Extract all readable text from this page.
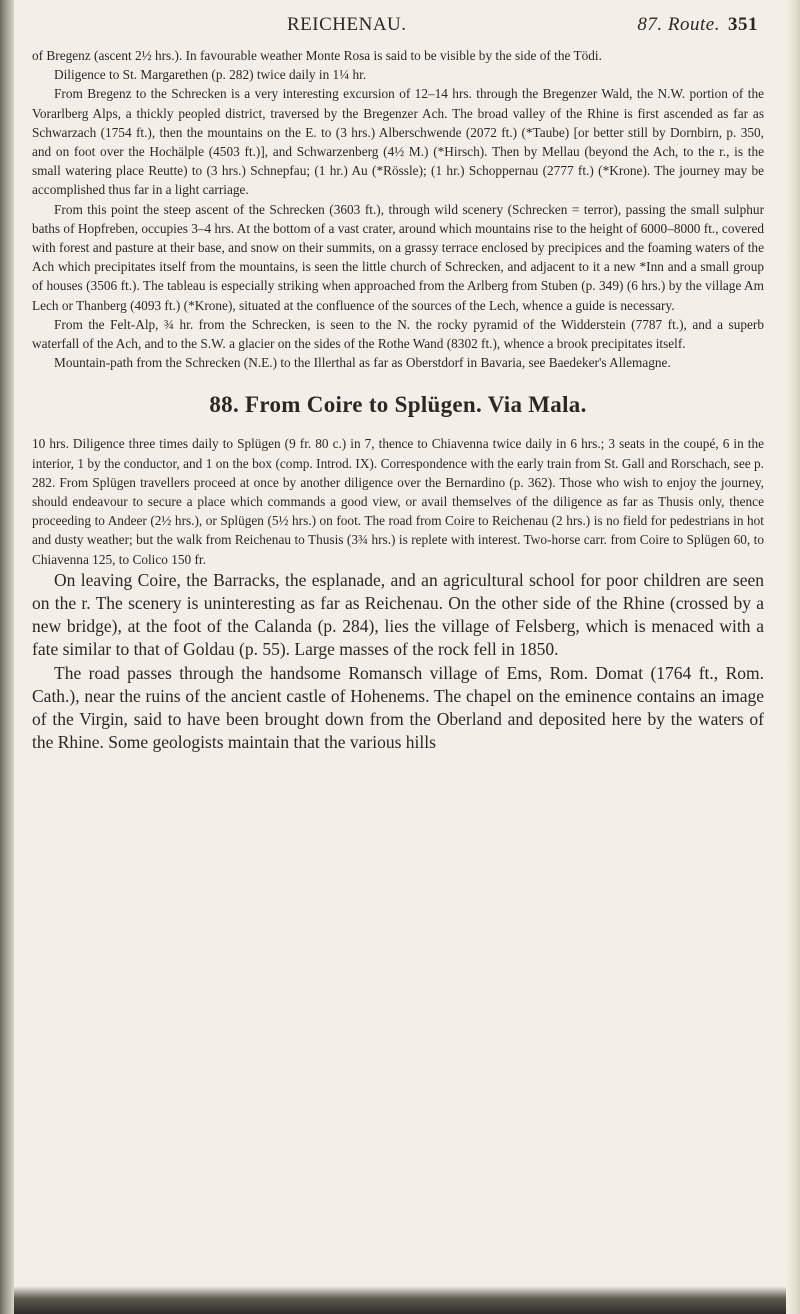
REICHENAU.	87. Route. 351

of Bregenz (ascent 2½ hrs.). In favourable weather Monte Rosa is said to be visible by the side of the Tödi.

Diligence to St. Margarethen (p. 282) twice daily in 1¼ hr.

From Bregenz to the Schrecken is a very interesting excursion of 12–14 hrs. through the Bregenzer Wald, the N.W. portion of the Vorarlberg Alps, a thickly peopled district, traversed by the Bregenzer Ach. The broad valley of the Rhine is first ascended as far as Schwarzach (1754 ft.), then the mountains on the E. to (3 hrs.) Alberschwende (2072 ft.) (*Taube) [or better still by Dornbirn, p. 350, and on foot over the Hochälple (4503 ft.)], and Schwarzenberg (4½ M.) (*Hirsch). Then by Mellau (beyond the Ach, to the r., is the small watering place Reutte) to (3 hrs.) Schnepfau; (1 hr.) Au (*Rössle); (1 hr.) Schoppernau (2777 ft.) (*Krone). The journey may be accomplished thus far in a light carriage.

From this point the steep ascent of the Schrecken (3603 ft.), through wild scenery (Schrecken = terror), passing the small sulphur baths of Hopfreben, occupies 3–4 hrs. At the bottom of a vast crater, around which mountains rise to the height of 6000–8000 ft., covered with forest and pasture at their base, and snow on their summits, on a grassy terrace enclosed by precipices and the foaming waters of the Ach which precipitates itself from the mountains, is seen the little church of Schrecken, and adjacent to it a new *Inn and a small group of houses (3506 ft.). The tableau is especially striking when approached from the Arlberg from Stuben (p. 349) (6 hrs.) by the village Am Lech or Thanberg (4093 ft.) (*Krone), situated at the confluence of the sources of the Lech, whence a guide is necessary.

From the Felt-Alp, ¾ hr. from the Schrecken, is seen to the N. the rocky pyramid of the Widderstein (7787 ft.), and a superb waterfall of the Ach, and to the S.W. a glacier on the sides of the Rothe Wand (8302 ft.), whence a brook precipitates itself.

Mountain-path from the Schrecken (N.E.) to the Illerthal as far as Oberstdorf in Bavaria, see Baedeker's Allemagne.

88. From Coire to Splügen. Via Mala.

10 hrs. Diligence three times daily to Splügen (9 fr. 80 c.) in 7, thence to Chiavenna twice daily in 6 hrs.; 3 seats in the coupé, 6 in the interior, 1 by the conductor, and 1 on the box (comp. Introd. IX). Correspondence with the early train from St. Gall and Rorschach, see p. 282. From Splügen travellers proceed at once by another diligence over the Bernardino (p. 362). Those who wish to enjoy the journey, should endeavour to secure a place which commands a good view, or avail themselves of the diligence as far as Thusis only, thence proceeding to Andeer (2½ hrs.), or Splügen (5½ hrs.) on foot. The road from Coire to Reichenau (2 hrs.) is no field for pedestrians in hot and dusty weather; but the walk from Reichenau to Thusis (3¾ hrs.) is replete with interest. Two-horse carr. from Coire to Splügen 60, to Chiavenna 125, to Colico 150 fr.

On leaving Coire, the Barracks, the esplanade, and an agricultural school for poor children are seen on the r. The scenery is uninteresting as far as Reichenau. On the other side of the Rhine (crossed by a new bridge), at the foot of the Calanda (p. 284), lies the village of Felsberg, which is menaced with a fate similar to that of Goldau (p. 55). Large masses of the rock fell in 1850.

The road passes through the handsome Romansch village of Ems, Rom. Domat (1764 ft., Rom. Cath.), near the ruins of the ancient castle of Hohenems. The chapel on the eminence contains an image of the Virgin, said to have been brought down from the Oberland and deposited here by the waters of the Rhine. Some geologists maintain that the various hills
